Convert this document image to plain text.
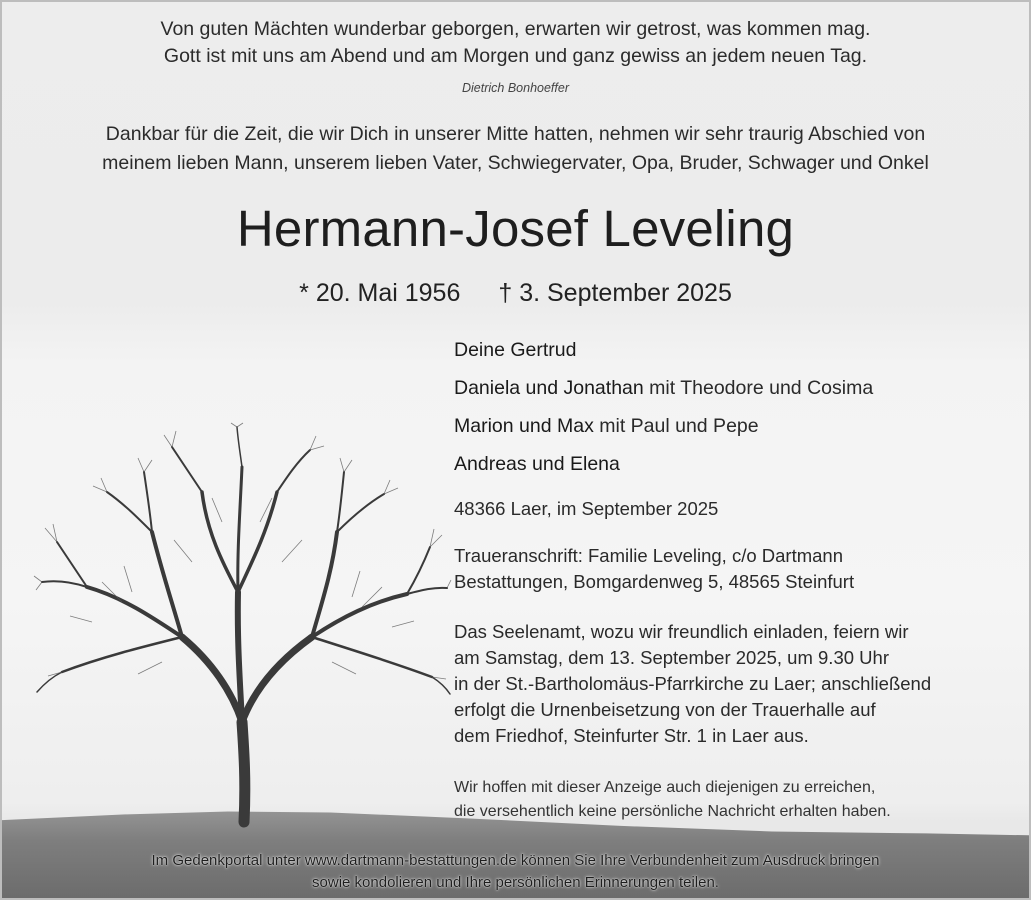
Von guten Mächten wunderbar geborgen, erwarten wir getrost, was kommen mag.

Gott ist mit uns am Abend und am Morgen und ganz gewiss an jedem neuen Tag.

Dietrich Bonhoeffer

Dankbar für die Zeit, die wir Dich in unserer Mitte hatten, nehmen wir sehr traurig Abschied von

meinem lieben Mann, unserem lieben Vater, Schwiegervater, Opa, Bruder, Schwager und Onkel

Hermann-Josef Leveling
* 20. Mai 1956 † 3. September 2025
Deine Gertrud
Daniela und Jonathan mit Theodore und Cosima
Marion und Max mit Paul und Pepe
Andreas und Elena
48366 Laer, im September 2025

Traueranschrift: Familie Leveling, c/o Dartmann

Bestattungen, Bomgardenweg 5, 48565 Steinfurt

Das Seelenamt, wozu wir freundlich einladen, feiern wir

am Samstag, dem 13. September 2025, um 9.30 Uhr

in der St.-Bartholomäus-Pfarrkirche zu Laer; anschließend

erfolgt die Urnenbeisetzung von der Trauerhalle auf

dem Friedhof, Steinfurter Str. 1 in Laer aus.

Wir hoffen mit dieser Anzeige auch diejenigen zu erreichen,

die versehentlich keine persönliche Nachricht erhalten haben.

Im Gedenkportal unter www.dartmann-bestattungen.de können Sie Ihre Verbundenheit zum Ausdruck bringen

sowie kondolieren und Ihre persönlichen Erinnerungen teilen.
